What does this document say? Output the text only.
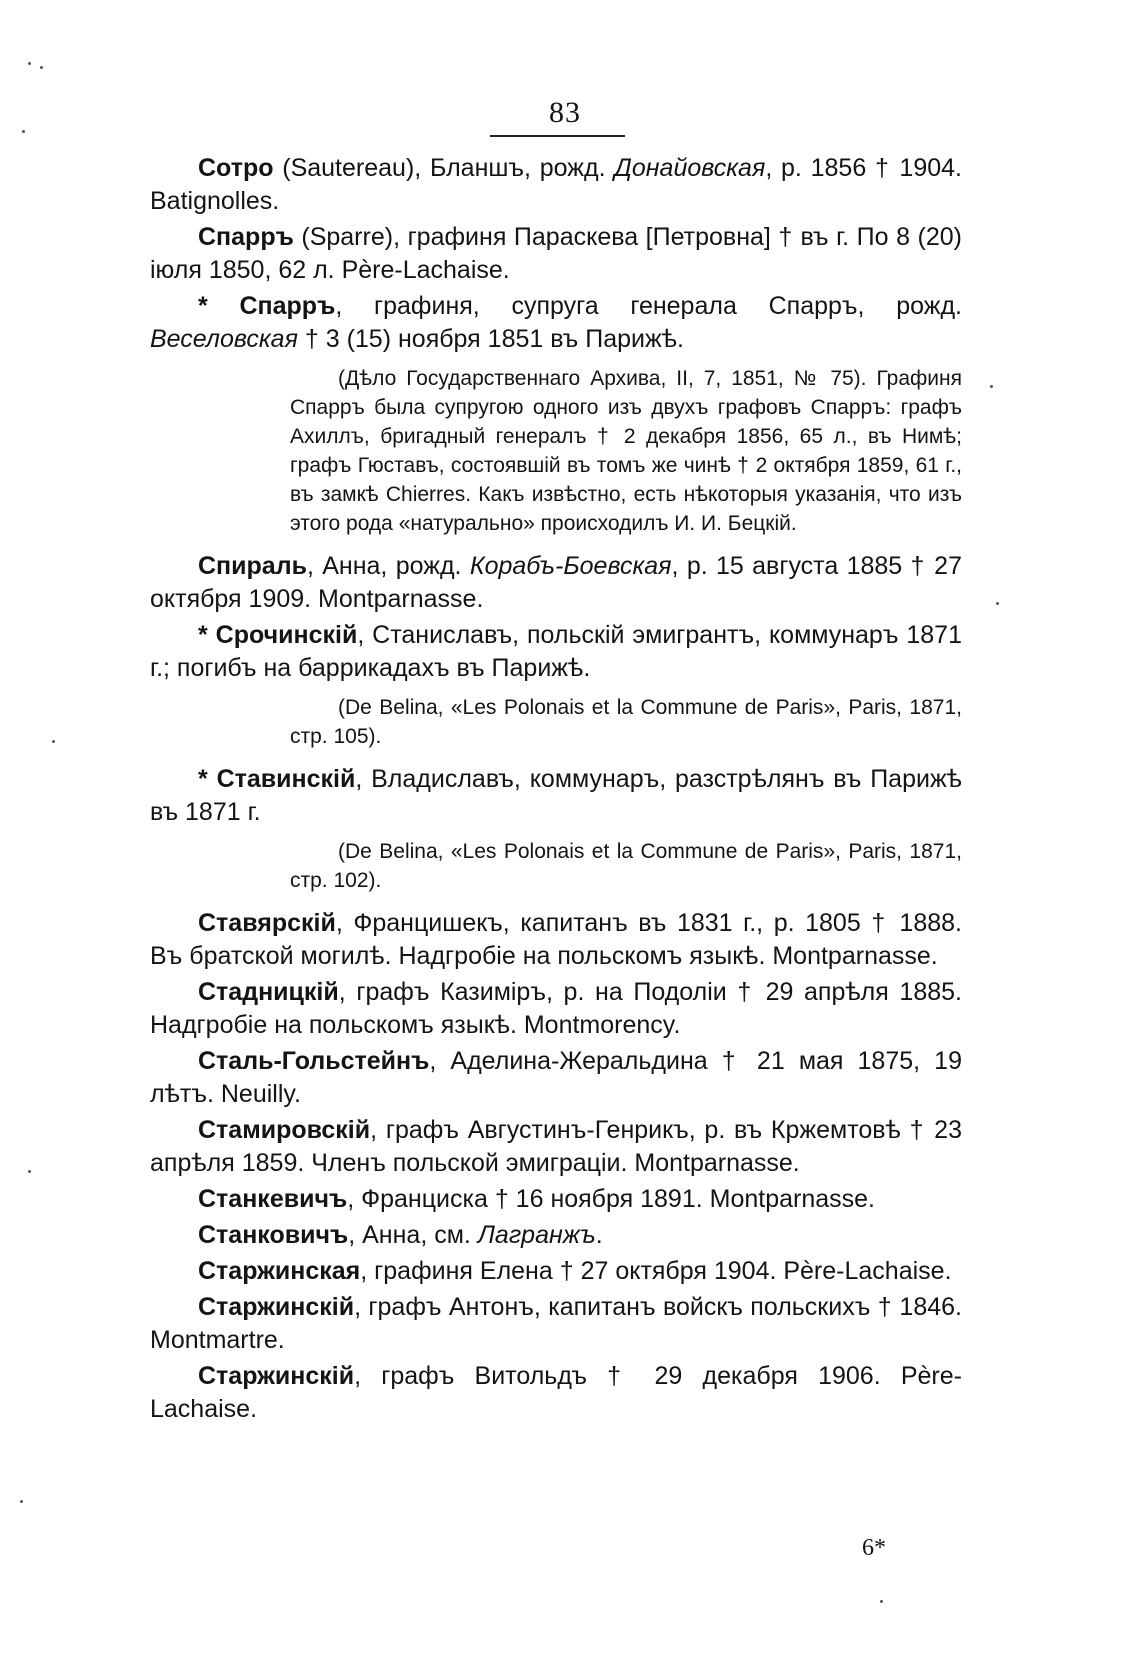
83

Сотро (Sautereau), Бланшъ, рожд. Донайовская, р. 1856 † 1904. Batignolles.

Спарръ (Sparre), графиня Параскева [Петровна] † въ г. По 8 (20) іюля 1850, 62 л. Père-Lachaise.

* Спарръ, графиня, супруга генерала Спарръ, рожд. Веселовская † 3 (15) ноября 1851 въ Парижѣ.

(Дѣло Государственнаго Архива, II, 7, 1851, № 75). Графиня Спарръ была супругою одного изъ двухъ графовъ Спарръ: графъ Ахиллъ, бригадный генералъ † 2 декабря 1856, 65 л., въ Нимѣ; графъ Гюставъ, состоявшій въ томъ же чинѣ † 2 октября 1859, 61 г., въ замкѣ Chierres. Какъ извѣстно, есть нѣкоторыя указанія, что изъ этого рода «натурально» происходилъ И. И. Бецкій.

Спираль, Анна, рожд. Корабъ-Боевская, р. 15 августа 1885 † 27 октября 1909. Montparnasse.

* Срочинскій, Станиславъ, польскій эмигрантъ, коммунаръ 1871 г.; погибъ на баррикадахъ въ Парижѣ.

(De Belina, «Les Polonais et la Commune de Paris», Paris, 1871, стр. 105).

* Ставинскій, Владиславъ, коммунаръ, разстрѣлянъ въ Парижѣ въ 1871 г.

(De Belina, «Les Polonais et la Commune de Paris», Paris, 1871, стр. 102).

Ставярскій, Францишекъ, капитанъ въ 1831 г., р. 1805 † 1888. Въ братской могилѣ. Надгробіе на польскомъ языкѣ. Montparnasse.

Стадницкій, графъ Казиміръ, р. на Подоліи † 29 апрѣля 1885. Надгробіе на польскомъ языкѣ. Montmorency.

Сталь-Гольстейнъ, Аделина-Жеральдина † 21 мая 1875, 19 лѣтъ. Neuilly.

Стамировскій, графъ Августинъ-Генрикъ, р. въ Кржемтовѣ † 23 апрѣля 1859. Членъ польской эмиграціи. Montparnasse.

Станкевичъ, Франциска † 16 ноября 1891. Montparnasse.

Станковичъ, Анна, см. Лагранжъ.

Старжинская, графиня Елена † 27 октября 1904. Père-Lachaise.

Старжинскій, графъ Антонъ, капитанъ войскъ польскихъ † 1846. Montmartre.

Старжинскій, графъ Витольдъ † 29 декабря 1906. Père-Lachaise.

6*
